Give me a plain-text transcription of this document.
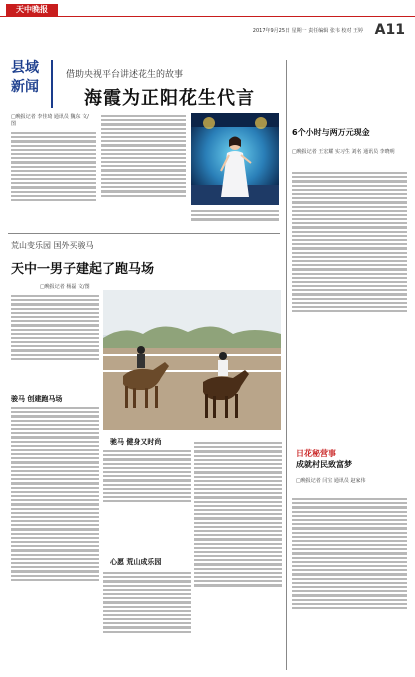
天中晚报
2017年9月25日 星期一 责任编辑 张韦 校对 王婷 A11
县域
新闻
借助央视平台讲述花生的故事
海霞为正阳花生代言
□晚报记者 李佳琦 通讯员 魏东 文/图
荒山变乐园 国外买骏马
天中一男子建起了跑马场
□晚报记者 杨磊 文/图
骏马 创建跑马场
驰马 健身又时尚
心愿 荒山成乐园
6个小时与两万元现金
□晚报记者 王宏耀 实习生 刘名 通讯员 李晓明
日花秘营事
成就村民致富梦
□晚报记者 闫宝 通讯员 赵家伟
